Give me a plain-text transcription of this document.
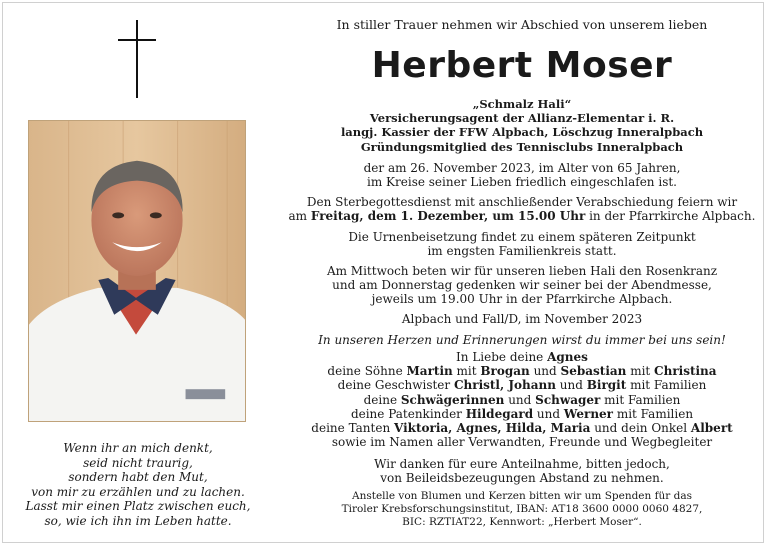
Wenn ihr an mich denkt,
seid nicht traurig,
sondern habt den Mut,
von mir zu erzählen und zu lachen.
Lasst mir einen Platz zwischen euch,
so, wie ich ihn im Leben hatte.
In stiller Trauer nehmen wir Abschied von unserem lieben
Herbert Moser
„Schmalz Hali“
Versicherungsagent der Allianz-Elementar i. R.
langj. Kassier der FFW Alpbach, Löschzug Inneralpbach
Gründungsmitglied des Tennisclubs Inneralpbach
der am 26. November 2023, im Alter von 65 Jahren,
im Kreise seiner Lieben friedlich eingeschlafen ist.
Den Sterbegottesdienst mit anschließender Verabschiedung feiern wir
am Freitag, dem 1. Dezember, um 15.00 Uhr in der Pfarrkirche Alpbach.
Die Urnenbeisetzung findet zu einem späteren Zeitpunkt
im engsten Familienkreis statt.
Am Mittwoch beten wir für unseren lieben Hali den Rosenkranz
und am Donnerstag gedenken wir seiner bei der Abendmesse,
jeweils um 19.00 Uhr in der Pfarrkirche Alpbach.
Alpbach und Fall/D, im November 2023
In unseren Herzen und Erinnerungen wirst du immer bei uns sein!
In Liebe deine Agnes
deine Söhne Martin mit Brogan und Sebastian mit Christina
deine Geschwister Christl, Johann und Birgit mit Familien
deine Schwägerinnen und Schwager mit Familien
deine Patenkinder Hildegard und Werner mit Familien
deine Tanten Viktoria, Agnes, Hilda, Maria und dein Onkel Albert
sowie im Namen aller Verwandten, Freunde und Wegbegleiter
Wir danken für eure Anteilnahme, bitten jedoch,
von Beileidsbezeugungen Abstand zu nehmen.
Anstelle von Blumen und Kerzen bitten wir um Spenden für das
Tiroler Krebsforschungsinstitut, IBAN: AT18 3600 0000 0060 4827,
BIC: RZTIAT22, Kennwort: „Herbert Moser“.
